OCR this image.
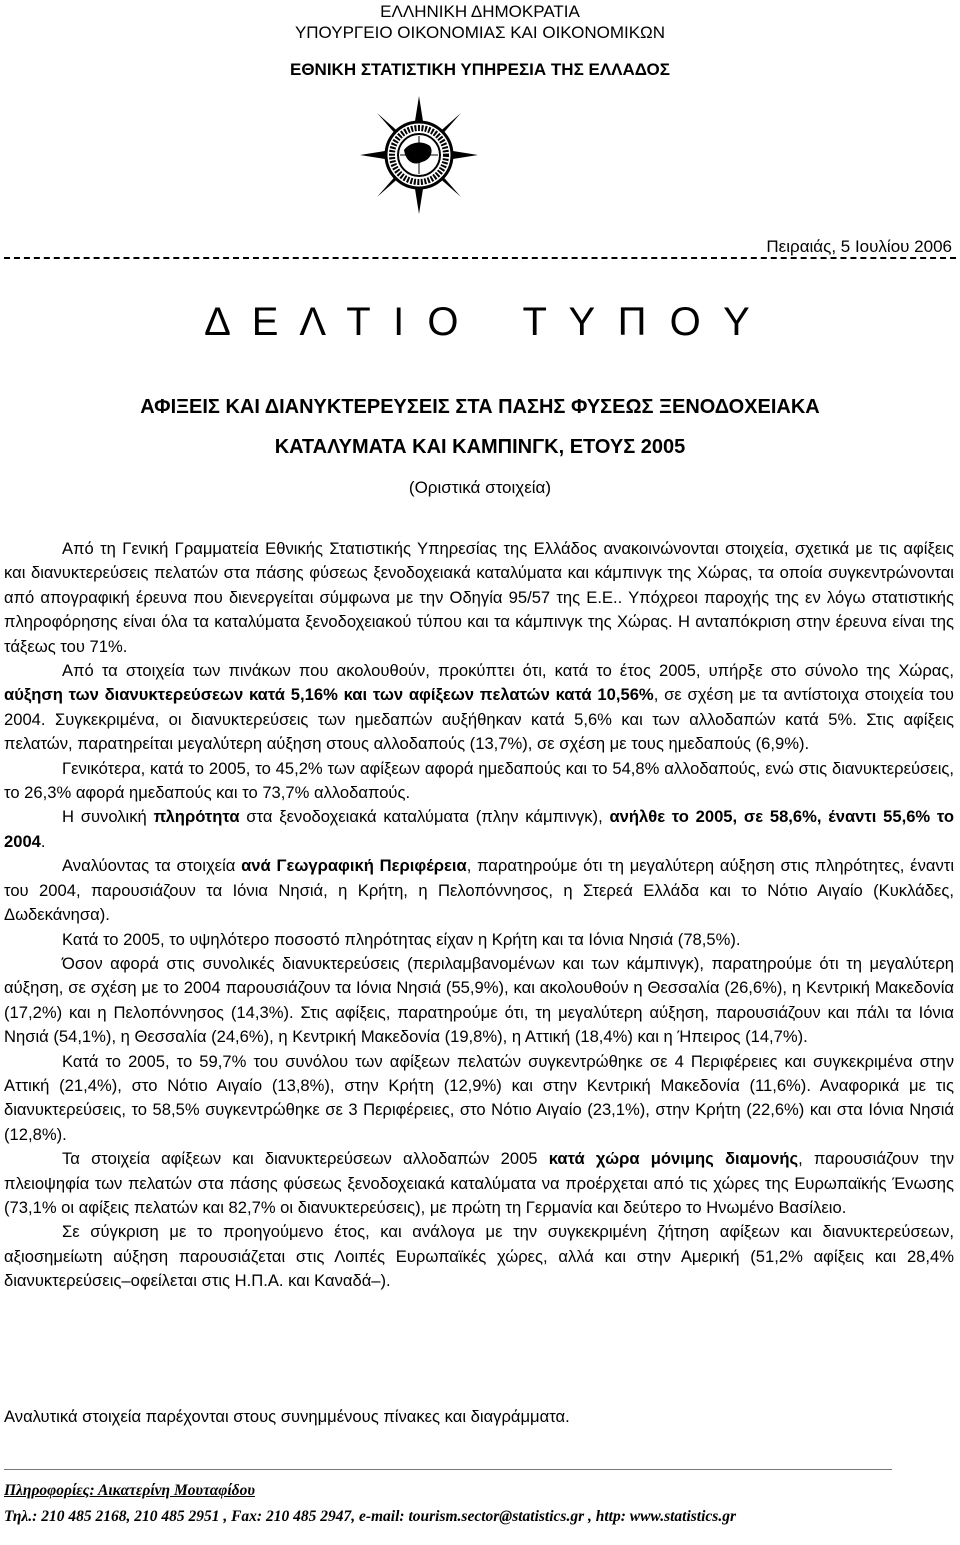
ΕΛΛΗΝΙΚΗ ΔΗΜΟΚΡΑΤΙΑ
ΥΠΟΥΡΓΕΙΟ ΟΙΚΟΝΟΜΙΑΣ ΚΑΙ ΟΙΚΟΝΟΜΙΚΩΝ
ΕΘΝΙΚΗ ΣΤΑΤΙΣΤΙΚΗ ΥΠΗΡΕΣΙΑ ΤΗΣ ΕΛΛΑΔΟΣ
Πειραιάς, 5 Ιουλίου 2006
Δ Ε Λ Τ Ι Ο Τ Υ Π Ο Υ
ΑΦΙΞΕΙΣ ΚΑΙ ΔΙΑΝΥΚΤΕΡΕΥΣΕΙΣ ΣΤΑ ΠΑΣΗΣ ΦΥΣΕΩΣ ΞΕΝΟΔΟΧΕΙΑΚΑ
ΚΑΤΑΛΥΜΑΤΑ ΚΑΙ ΚΑΜΠΙΝΓΚ, ΕΤΟΥΣ 2005
(Οριστικά στοιχεία)

Από τη Γενική Γραμματεία Εθνικής Στατιστικής Υπηρεσίας της Ελλάδος ανακοινώνονται στοιχεία, σχετικά με τις αφίξεις και διανυκτερεύσεις πελατών στα πάσης φύσεως ξενοδοχειακά καταλύματα και κάμπινγκ της Χώρας, τα οποία συγκεντρώνονται από απογραφική έρευνα που διενεργείται σύμφωνα με την Οδηγία 95/57 της Ε.Ε.. Υπόχρεοι παροχής της εν λόγω στατιστικής πληροφόρησης είναι όλα τα καταλύματα ξενοδοχειακού τύπου και τα κάμπινγκ της Χώρας. Η ανταπόκριση στην έρευνα είναι της τάξεως του 71%.

Από τα στοιχεία των πινάκων που ακολουθούν, προκύπτει ότι, κατά το έτος 2005, υπήρξε στο σύνολο της Χώρας, αύξηση των διανυκτερεύσεων κατά 5,16% και των αφίξεων πελατών κατά 10,56%, σε σχέση με τα αντίστοιχα στοιχεία του 2004. Συγκεκριμένα, οι διανυκτερεύσεις των ημεδαπών αυξήθηκαν κατά 5,6% και των αλλοδαπών κατά 5%. Στις αφίξεις πελατών, παρατηρείται μεγαλύτερη αύξηση στους αλλοδαπούς (13,7%), σε σχέση με τους ημεδαπούς (6,9%).

Γενικότερα, κατά το 2005, το 45,2% των αφίξεων αφορά ημεδαπούς και το 54,8% αλλοδαπούς, ενώ στις διανυκτερεύσεις, το 26,3% αφορά ημεδαπούς και το 73,7% αλλοδαπούς.

Η συνολική πληρότητα στα ξενοδοχειακά καταλύματα (πλην κάμπινγκ), ανήλθε το 2005, σε 58,6%, έναντι 55,6% το 2004.

Αναλύοντας τα στοιχεία ανά Γεωγραφική Περιφέρεια, παρατηρούμε ότι τη μεγαλύτερη αύξηση στις πληρότητες, έναντι του 2004, παρουσιάζουν τα Ιόνια Νησιά, η Κρήτη, η Πελοπόννησος, η Στερεά Ελλάδα και το Νότιο Αιγαίο (Κυκλάδες, Δωδεκάνησα).

Κατά το 2005, το υψηλότερο ποσοστό πληρότητας είχαν η Κρήτη και τα Ιόνια Νησιά (78,5%).

Όσον αφορά στις συνολικές διανυκτερεύσεις (περιλαμβανομένων και των κάμπινγκ), παρατηρούμε ότι τη μεγαλύτερη αύξηση, σε σχέση με το 2004 παρουσιάζουν τα Ιόνια Νησιά (55,9%), και ακολουθούν η Θεσσαλία (26,6%), η Κεντρική Μακεδονία (17,2%) και η Πελοπόννησος (14,3%). Στις αφίξεις, παρατηρούμε ότι, τη μεγαλύτερη αύξηση, παρουσιάζουν και πάλι τα Ιόνια Νησιά (54,1%), η Θεσσαλία (24,6%), η Κεντρική Μακεδονία (19,8%), η Αττική (18,4%) και η Ήπειρος (14,7%).

Κατά το 2005, το 59,7% του συνόλου των αφίξεων πελατών συγκεντρώθηκε σε 4 Περιφέρειες και συγκεκριμένα στην Αττική (21,4%), στο Νότιο Αιγαίο (13,8%), στην Κρήτη (12,9%) και στην Κεντρική Μακεδονία (11,6%). Αναφορικά με τις διανυκτερεύσεις, το 58,5% συγκεντρώθηκε σε 3 Περιφέρειες, στο Νότιο Αιγαίο (23,1%), στην Κρήτη (22,6%) και στα Ιόνια Νησιά (12,8%).

Τα στοιχεία αφίξεων και διανυκτερεύσεων αλλοδαπών 2005 κατά χώρα μόνιμης διαμονής, παρουσιάζουν την πλειοψηφία των πελατών στα πάσης φύσεως ξενοδοχειακά καταλύματα να προέρχεται από τις χώρες της Ευρωπαϊκής Ένωσης (73,1% οι αφίξεις πελατών και 82,7% οι διανυκτερεύσεις), με πρώτη τη Γερμανία και δεύτερο το Ηνωμένο Βασίλειο.

Σε σύγκριση με το προηγούμενο έτος, και ανάλογα με την συγκεκριμένη ζήτηση αφίξεων και διανυκτερεύσεων, αξιοσημείωτη αύξηση παρουσιάζεται στις Λοιπές Ευρωπαϊκές χώρες, αλλά και στην Αμερική (51,2% αφίξεις και 28,4% διανυκτερεύσεις–οφείλεται στις Η.Π.Α. και Καναδά–).

Αναλυτικά στοιχεία παρέχονται στους συνημμένους πίνακες και διαγράμματα.
Πληροφορίες: Αικατερίνη Μουταφίδου
Τηλ.: 210 485 2168, 210 485 2951 , Fax: 210 485 2947, e-mail: tourism.sector@statistics.gr , http: www.statistics.gr
